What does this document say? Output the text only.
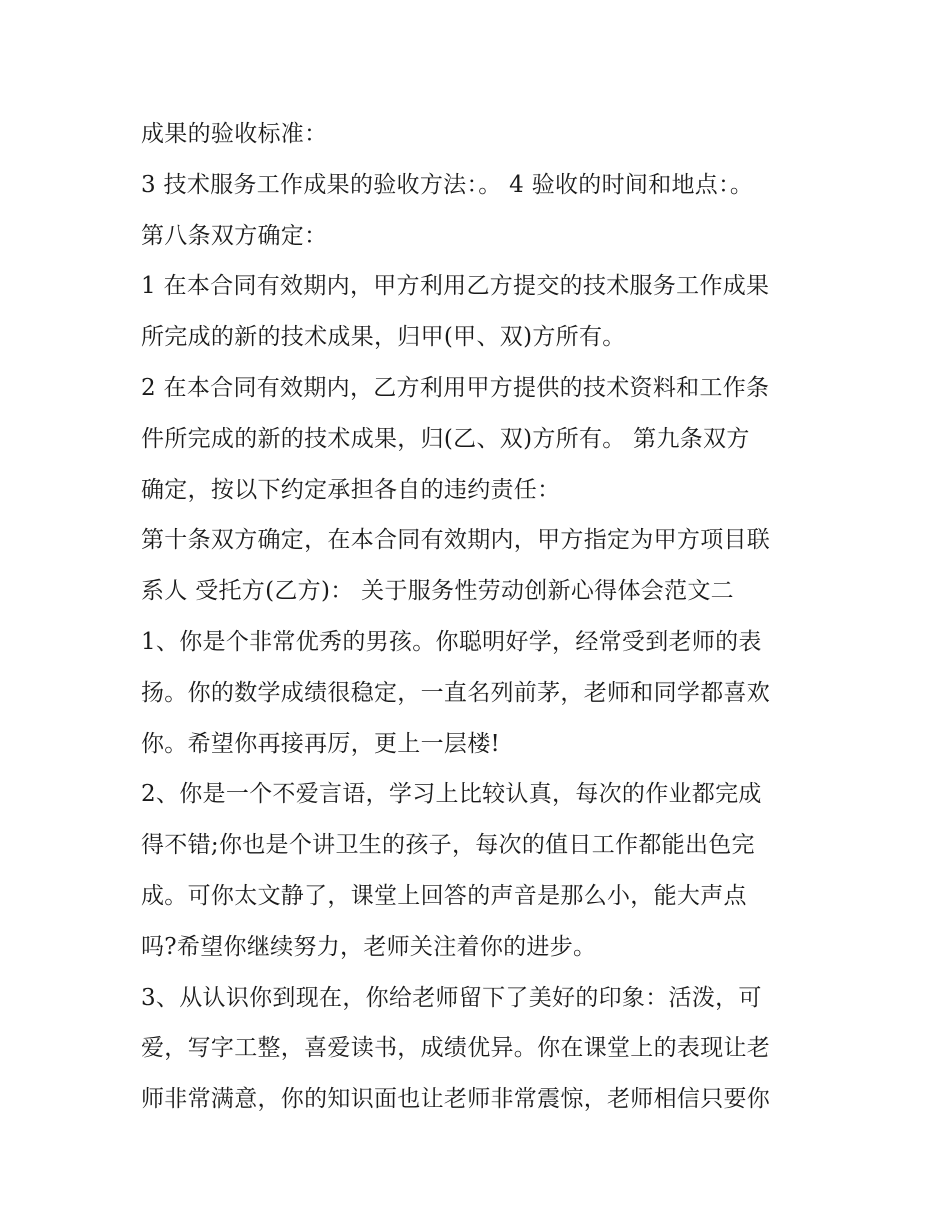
成果的验收标准：
3 技术服务工作成果的验收方法：。 4 验收的时间和地点：。
第八条双方确定：
1 在本合同有效期内，甲方利用乙方提交的技术服务工作成果
所完成的新的技术成果，归甲(甲、双)方所有。
2 在本合同有效期内，乙方利用甲方提供的技术资料和工作条
件所完成的新的技术成果，归(乙、双)方所有。 第九条双方
确定，按以下约定承担各自的违约责任：
第十条双方确定，在本合同有效期内，甲方指定为甲方项目联
系人 受托方(乙方)： 关于服务性劳动创新心得体会范文二
1、你是个非常优秀的男孩。你聪明好学，经常受到老师的表
扬。你的数学成绩很稳定，一直名列前茅，老师和同学都喜欢
你。希望你再接再厉，更上一层楼!
2、你是一个不爱言语，学习上比较认真，每次的作业都完成
得不错;你也是个讲卫生的孩子，每次的值日工作都能出色完
成。可你太文静了，课堂上回答的声音是那么小，能大声点
吗?希望你继续努力，老师关注着你的进步。
3、从认识你到现在，你给老师留下了美好的印象：活泼，可
爱，写字工整，喜爱读书，成绩优异。你在课堂上的表现让老
师非常满意，你的知识面也让老师非常震惊，老师相信只要你
